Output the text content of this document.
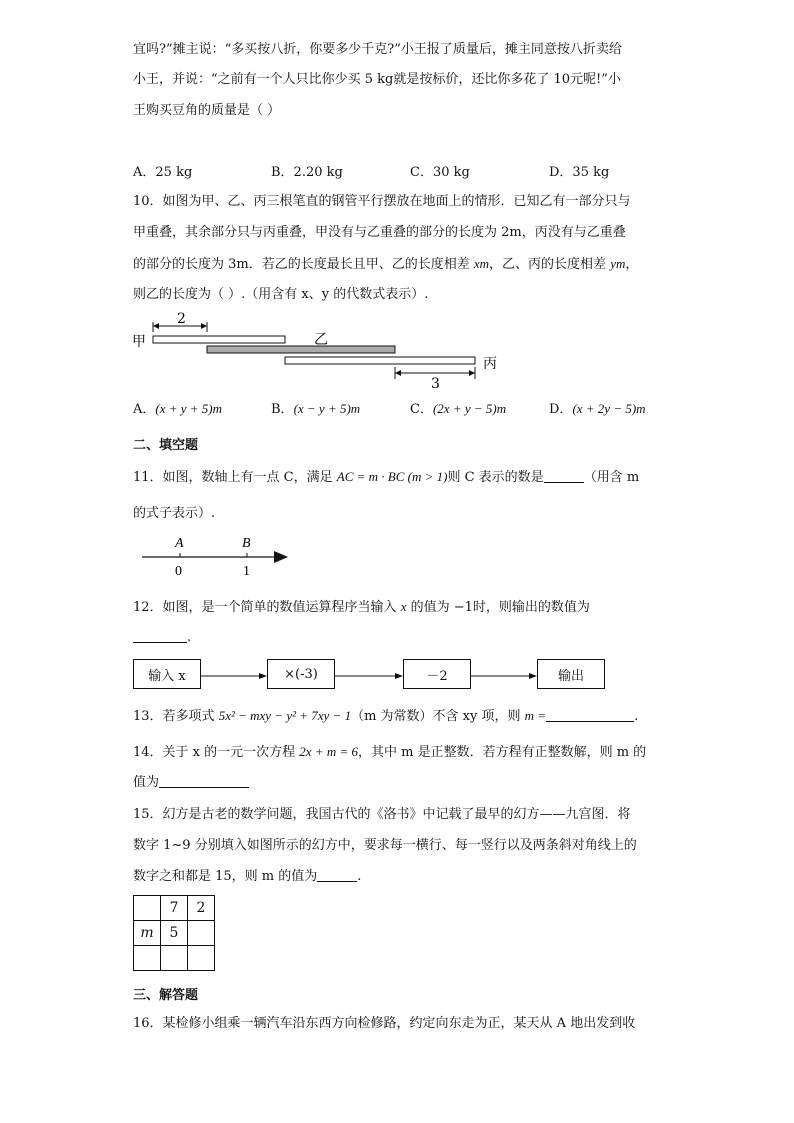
宜吗?”摊主说：“多买按八折，你要多少千克?”小王报了质量后，摊主同意按八折卖给
小王，并说：“之前有一个人只比你少买 5 kg就是按标价，还比你多花了 10元呢!”小
王购买豆角的质量是（ ）
A．25 kg	B．2.20 kg	C．30 kg	D．35 kg
10．如图为甲、乙、丙三根笔直的钢管平行摆放在地面上的情形．已知乙有一部分只与
甲重叠，其余部分只与丙重叠，甲没有与乙重叠的部分的长度为 2m，丙没有与乙重叠
的部分的长度为 3m．若乙的长度最长且甲、乙的长度相差 xm，乙、丙的长度相差 ym，
则乙的长度为（ ）.（用含有 x、y 的代数式表示）.
甲
2
乙
丙
3
A．(x + y + 5)m	B．(x − y + 5)m	C．(2x + y − 5)m	D．(x + 2y − 5)m
二、填空题
11．如图，数轴上有一点 C，满足 AC = m · BC (m > 1)则 C 表示的数是	（用含 m
的式子表示）.
A	B
0	1
12．如图，是一个简单的数值运算程序当输入 x 的值为 −1时，则输出的数值为
.
输入 x	×(-3)	－2	输出
13．若多项式 5x² − mxy − y² + 7xy − 1（m 为常数）不含 xy 项，则 m =	.
14．关于 x 的一元一次方程 2x + m = 6，其中 m 是正整数．若方程有正整数解，则 m 的
值为
15．幻方是古老的数学问题，我国古代的《洛书》中记载了最早的幻方——九宫图．将
数字 1~9 分别填入如图所示的幻方中，要求每一横行、每一竖行以及两条斜对角线上的
数字之和都是 15，则 m 的值为	.
	7	2
m	5	

三、解答题
16．某检修小组乘一辆汽车沿东西方向检修路，约定向东走为正，某天从 A 地出发到收
